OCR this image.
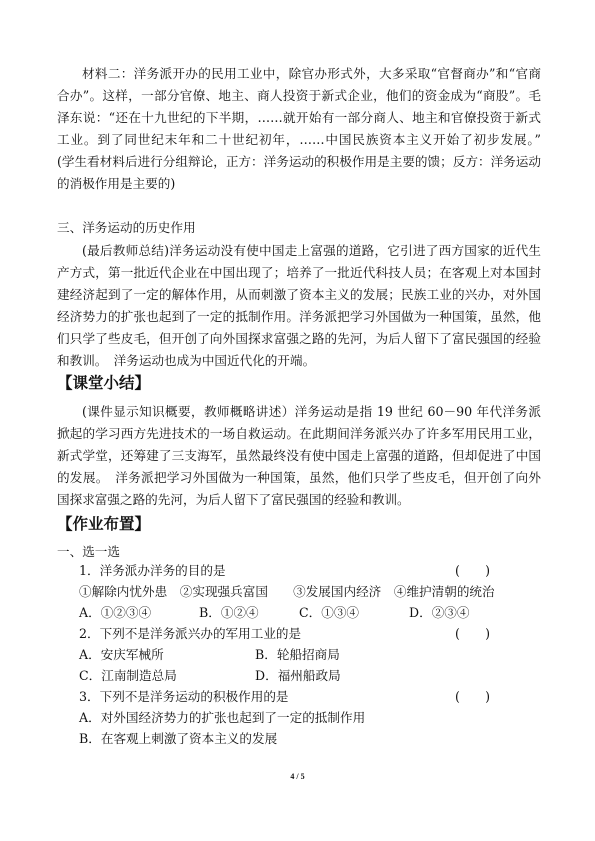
材料二：洋务派开办的民用工业中，除官办形式外，大多采取“官督商办”和“官商合办”。这样，一部分官僚、地主、商人投资于新式企业，他们的资金成为“商股”。毛泽东说：“还在十九世纪的下半期，……就开始有一部分商人、地主和官僚投资于新式工业。到了同世纪末年和二十世纪初年，……中国民族资本主义开始了初步发展。”　 (学生看材料后进行分组辩论，正方：洋务运动的积极作用是主要的馈；反方：洋务运动的消极作用是主要的)

三、洋务运动的历史作用

(最后教师总结)洋务运动没有使中国走上富强的道路，它引进了西方国家的近代生产方式，第一批近代企业在中国出现了；培养了一批近代科技人员；在客观上对本国封建经济起到了一定的解体作用，从而刺激了资本主义的发展；民族工业的兴办，对外国经济势力的扩张也起到了一定的抵制作用。洋务派把学习外国做为一种国策，虽然，他们只学了些皮毛，但开创了向外国探求富强之路的先河，为后人留下了富民强国的经验和教训。　洋务运动也成为中国近代化的开端。

【课堂小结】

(课件显示知识概要，教师概略讲述）洋务运动是指 19 世纪 60－90 年代洋务派掀起的学习西方先进技术的一场自救运动。在此期间洋务派兴办了许多军用民用工业，新式学堂，还筹建了三支海军，虽然最终没有使中国走上富强的道路，但却促进了中国的发展。　洋务派把学习外国做为一种国策，虽然，他们只学了些皮毛，但开创了向外国探求富强之路的先河，为后人留下了富民强国的经验和教训。

【作业布置】

一、选一选

1．洋务派办洋务的目的是	(　　)

①解除内忧外患　②实现强兵富国　　③发展国内经济　④维护清朝的统治

A．①②③④	B．①②④	C．①③④	D．②③④

2．下列不是洋务派兴办的军用工业的是	(　　)

A．安庆军械所	B．轮船招商局

C．江南制造总局	D．福州船政局

3．下列不是洋务运动的积极作用的是	(　　)

A．对外国经济势力的扩张也起到了一定的抵制作用

B．在客观上刺激了资本主义的发展

4 / 5
